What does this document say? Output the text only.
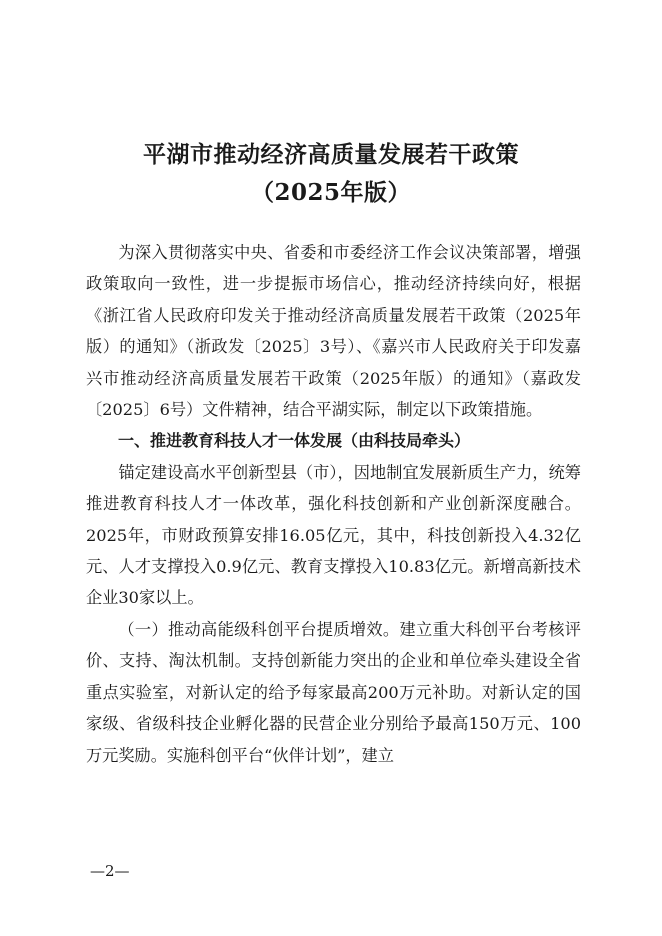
平湖市推动经济高质量发展若干政策
（2025年版）

为深入贯彻落实中央、省委和市委经济工作会议决策部署，增强政策取向一致性，进一步提振市场信心，推动经济持续向好，根据《浙江省人民政府印发关于推动经济高质量发展若干政策（2025年版）的通知》（浙政发〔2025〕3号）、《嘉兴市人民政府关于印发嘉兴市推动经济高质量发展若干政策（2025年版）的通知》（嘉政发〔2025〕6号）文件精神，结合平湖实际，制定以下政策措施。

一、推进教育科技人才一体发展（由科技局牵头）

锚定建设高水平创新型县（市），因地制宜发展新质生产力，统筹推进教育科技人才一体改革，强化科技创新和产业创新深度融合。2025年，市财政预算安排16.05亿元，其中，科技创新投入4.32亿元、人才支撑投入0.9亿元、教育支撑投入10.83亿元。新增高新技术企业30家以上。

（一）推动高能级科创平台提质增效。建立重大科创平台考核评价、支持、淘汰机制。支持创新能力突出的企业和单位牵头建设全省重点实验室，对新认定的给予每家最高200万元补助。对新认定的国家级、省级科技企业孵化器的民营企业分别给予最高150万元、100万元奖励。实施科创平台“伙伴计划”，建立

—2—
